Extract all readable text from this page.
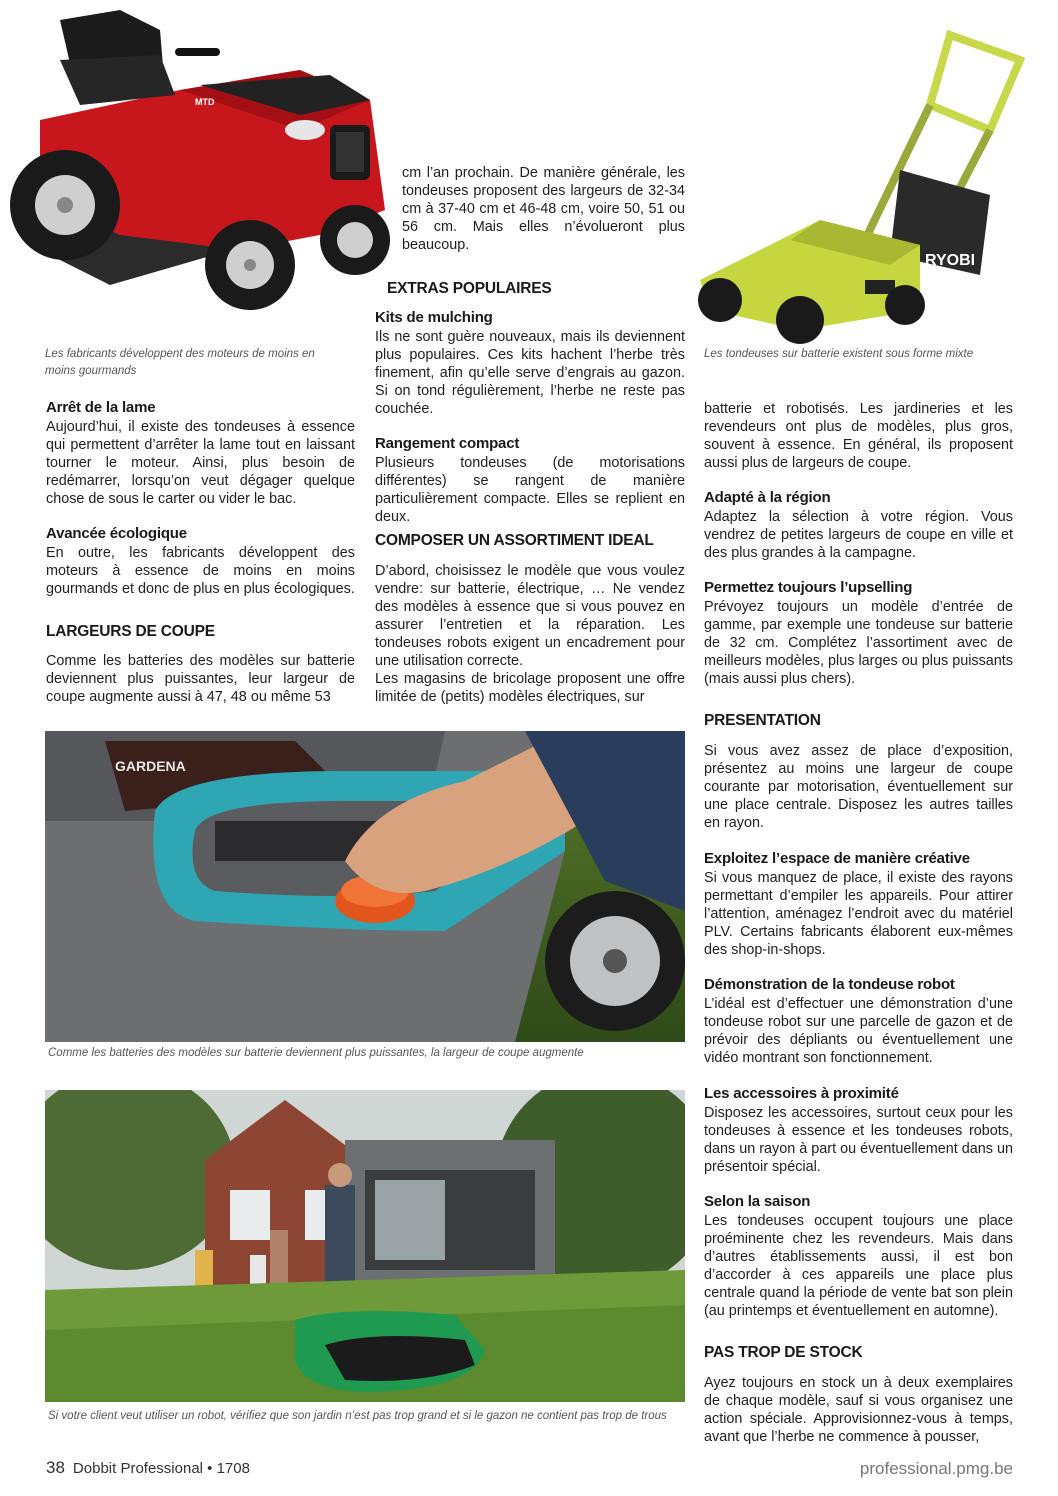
MTD

Les fabricants développent des moteurs de moins en moins gourmands

RYOBI

Les tondeuses sur batterie existent sous forme mixte

cm l’an prochain. De manière générale, les tondeuses proposent des largeurs de 32-34 cm à 37-40 cm et 46-48 cm, voire 50, 51 ou 56 cm. Mais elles n’évolueront plus beaucoup.

EXTRAS POPULAIRES
Kits de mulching

Ils ne sont guère nouveaux, mais ils deviennent plus populaires. Ces kits hachent l’herbe très finement, afin qu’elle serve d’engrais au gazon. Si on tond régulièrement, l’herbe ne reste pas couchée.

Rangement compact

Plusieurs tondeuses (de motorisations différentes) se rangent de manière particulièrement compacte. Elles se replient en deux.

COMPOSER UN ASSORTIMENT IDEAL

D’abord, choisissez le modèle que vous voulez vendre: sur batterie, électrique, … Ne vendez des modèles à essence que si vous pouvez en assurer l’entretien et la réparation. Les tondeuses robots exigent un encadrement pour une utilisation correcte.

Les magasins de bricolage proposent une offre limitée de (petits) modèles électriques, sur

Arrêt de la lame

Aujourd’hui, il existe des tondeuses à essence qui permettent d’arrêter la lame tout en laissant tourner le moteur. Ainsi, plus besoin de redémarrer, lorsqu’on veut dégager quelque chose de sous le carter ou vider le bac.

Avancée écologique

En outre, les fabricants développent des moteurs à essence de moins en moins gourmands et donc de plus en plus écologiques.

LARGEURS DE COUPE

Comme les batteries des modèles sur batterie deviennent plus puissantes, leur largeur de coupe augmente aussi à 47, 48 ou même 53

GARDENA

Comme les batteries des modèles sur batterie deviennent plus puissantes, la largeur de coupe augmente

Si votre client veut utiliser un robot, vérifiez que son jardin n’est pas trop grand et si le gazon ne contient pas trop de trous

batterie et robotisés. Les jardineries et les revendeurs ont plus de modèles, plus gros, souvent à essence. En général, ils proposent aussi plus de largeurs de coupe.

Adapté à la région

Adaptez la sélection à votre région. Vous vendrez de petites largeurs de coupe en ville et des plus grandes à la campagne.

Permettez toujours l’upselling

Prévoyez toujours un modèle d’entrée de gamme, par exemple une tondeuse sur batterie de 32 cm. Complétez l’assortiment avec de meilleurs modèles, plus larges ou plus puissants (mais aussi plus chers).

PRESENTATION

Si vous avez assez de place d’exposition, présentez au moins une largeur de coupe courante par motorisation, éventuellement sur une place centrale. Disposez les autres tailles en rayon.

Exploitez l’espace de manière créative

Si vous manquez de place, il existe des rayons permettant d’empiler les appareils. Pour attirer l’attention, aménagez l’endroit avec du matériel PLV. Certains fabricants élaborent eux-mêmes des shop-in-shops.

Démonstration de la tondeuse robot

L’idéal est d’effectuer une démonstration d’une tondeuse robot sur une parcelle de gazon et de prévoir des dépliants ou éventuellement une vidéo montrant son fonctionnement.

Les accessoires à proximité

Disposez les accessoires, surtout ceux pour les tondeuses à essence et les tondeuses robots, dans un rayon à part ou éventuellement dans un présentoir spécial.

Selon la saison

Les tondeuses occupent toujours une place proéminente chez les revendeurs. Mais dans d’autres établissements aussi, il est bon d’accorder à ces appareils une place plus centrale quand la période de vente bat son plein (au printemps et éventuellement en automne).

PAS TROP DE STOCK

Ayez toujours en stock un à deux exemplaires de chaque modèle, sauf si vous organisez une action spéciale. Approvisionnez-vous à temps, avant que l’herbe ne commence à pousser,

38 Dobbit Professional • 1708	professional.pmg.be
